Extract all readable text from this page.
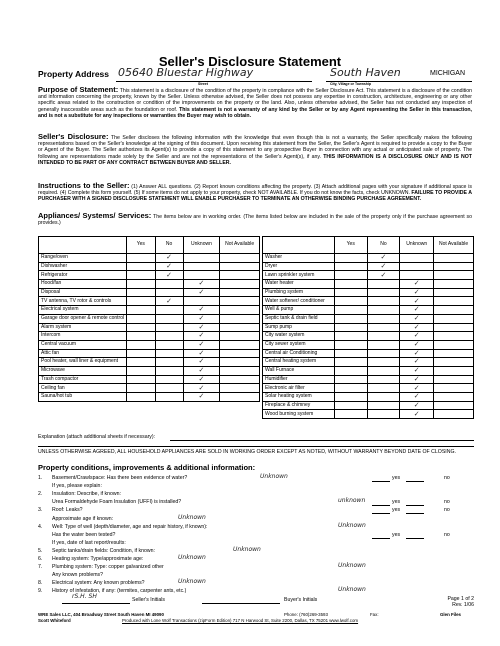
Seller's Disclosure Statement
Property Address 05640 Bluestar Highway	South Haven	MICHIGAN
Street	City, Village or Township
Purpose of Statement: This statement is a disclosure of the condition of the property in compliance with the Seller Disclosure Act. This statement is a disclosure of the condition and information concerning the property, known by the Seller. Unless otherwise advised, the Seller does not possess any expertise in construction, architecture, engineering or any other specific areas related to the construction or condition of the improvements on the property or the land. Also, unless otherwise advised, the Seller has not conducted any inspection of generally inaccessible areas such as the foundation or roof. This statement is not a warranty of any kind by the Seller or by any Agent representing the Seller in this transaction, and is not a substitute for any inspections or warranties the Buyer may wish to obtain.
Seller's Disclosure: The Seller discloses the following information with the knowledge that even though this is not a warranty, the Seller specifically makes the following representations based on the Seller's knowledge at the signing of this document. Upon receiving this statement from the Seller, the Seller's Agent is required to provide a copy to the Buyer or Agent of the Buyer. The Seller authorizes its Agent(s) to provide a copy of this statement to any prospective Buyer in connection with any actual or anticipated sale of property. The following are representations made solely by the Seller and are not the representations of the Seller's Agent(s), if any. THIS INFORMATION IS A DISCLOSURE ONLY AND IS NOT INTENDED TO BE PART OF ANY CONTRACT BETWEEN BUYER AND SELLER.
Instructions to the Seller: (1) Answer ALL questions. (2) Report known conditions affecting the property. (3) Attach additional pages with your signature if additional space is required. (4) Complete this form yourself. (5) If some items do not apply to your property, check NOT AVAILABLE. If you do not know the facts, check UNKNOWN. FAILURE TO PROVIDE A PURCHASER WITH A SIGNED DISCLOSURE STATEMENT WILL ENABLE PURCHASER TO TERMINATE AN OTHERWISE BINDING PURCHASE AGREEMENT.
Appliances/ Systems/ Services: The items below are in working order. (The items listed below are included in the sale of the property only if the purchase agreement so provides.)
	Yes	No	Unknown	Not Available
Range/oven		✓		
Dishwasher		✓		
Refrigerator		✓		
Hood/fan			✓	
Disposal			✓	
TV antenna, TV rotor & controls		✓		
Electrical system			✓	
Garage door opener & remote control			✓	
Alarm system			✓	
Intercom			✓	
Central vacuum			✓	
Attic fan			✓	
Pool heater, wall liner & equipment			✓	
Microwave			✓	
Trash compactor			✓	
Ceiling fan			✓	
Sauna/hot tub			✓	
	Yes	No	Unknown	Not Available
Washer		✓		
Dryer		✓		
Lawn sprinkler system		✓		
Water heater			✓	
Plumbing system			✓	
Water softener/ conditioner			✓	
Well & pump			✓	
Septic tank & drain field			✓	
Sump pump			✓	
City water system			✓	
City sewer system			✓	
Central air Conditioning			✓	
Central heating system			✓	
Wall Furnace			✓	
Humidifier			✓	
Electronic air filter			✓	
Solar heating system			✓	
Fireplace & chimney			✓	
Wood burning system			✓	
Explanation (attach additional sheets if necessary):
UNLESS OTHERWISE AGREED, ALL HOUSEHOLD APPLIANCES ARE SOLD IN WORKING ORDER EXCEPT AS NOTED, WITHOUT WARRANTY BEYOND DATE OF CLOSING.
Property conditions, improvements & additional information:
1. Basement/Crawlspace: Has there been evidence of water?	Unknown	yes	no
If yes, please explain:
2. Insulation: Describe, if known:
Urea Formaldehyde Foam Insulation (UFFI) is installed?	unknown	yes	no
3. Roof: Leaks?	yes	no
Approximate age if known:	Unknown
4. Well: Type of well (depth/diameter, age and repair history, if known):	Unknown
Has the water been tested?	yes	no
If yes, date of last report/results:
5. Septic tanks/drain fields: Condition, if known:	Unknown
6. Heating system: Type/approximate age:	Unknown
7. Plumbing system: Type: copper galvanized other	Unknown
Any known problems?
8. Electrical system: Any known problems?	Unknown
9. History of infestation, if any: (termites, carpenter ants, etc.)	Unknown
rS.H. SH	Seller's Initials	Buyer's Initials	Page 1 of 2
Rev. 1/06
WRE Sales LLC, 404 Broadway Street South Haven MI 49090	Phone: (760)269-3593	Fax:	Glen Files
Scott Whiteford	Produced with Lone Wolf Transactions (zipForm Edition) 717 N Harwood St, Suite 2200, Dallas, TX 75201 www.lwolf.com
